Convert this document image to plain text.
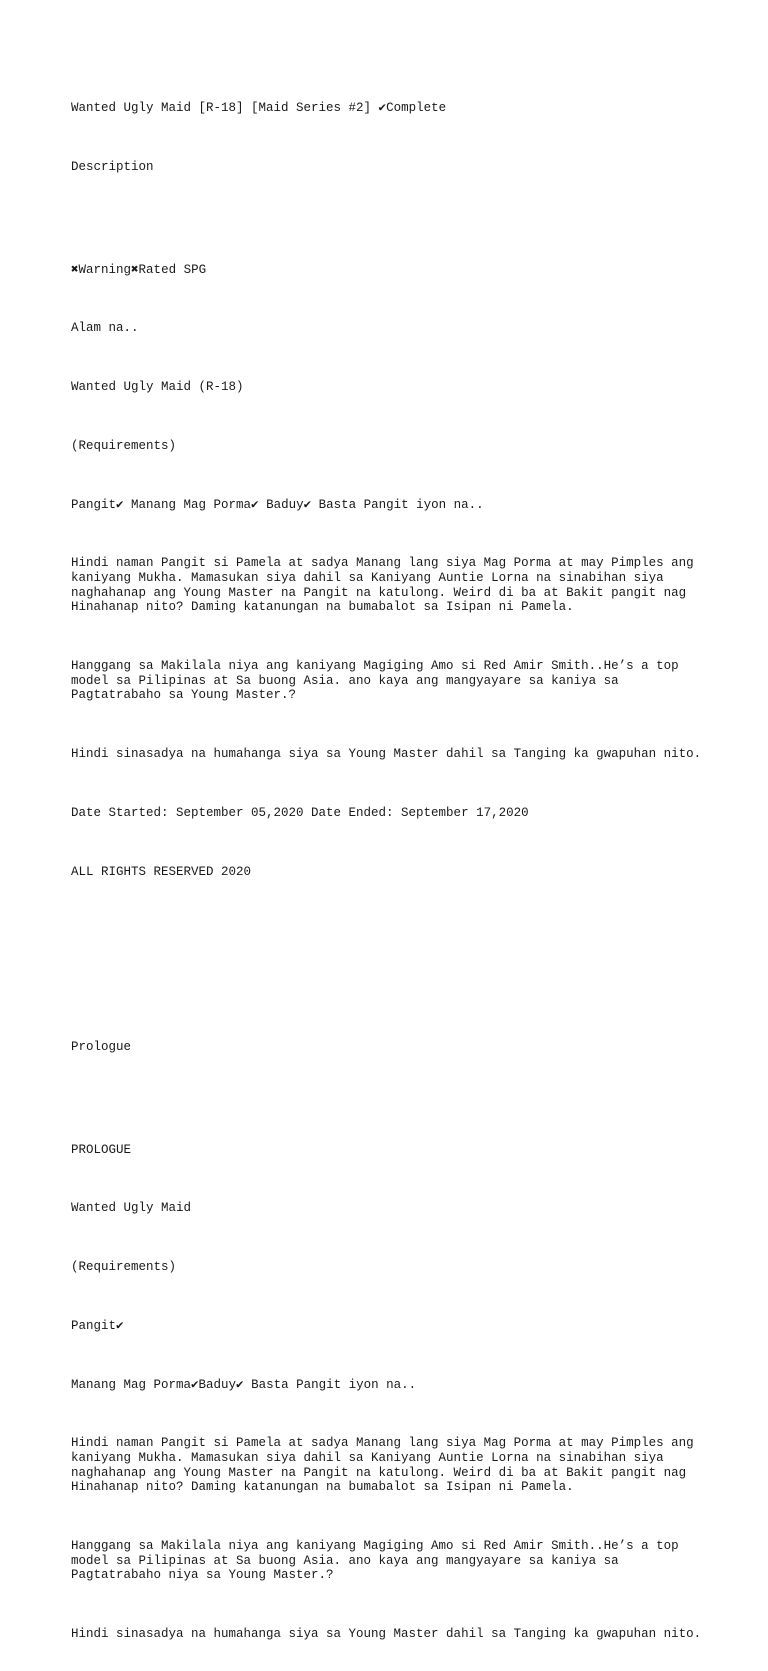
Wanted Ugly Maid [R-18] [Maid Series #2] ✔Complete

Description

✖Warning✖Rated SPG

Alam na..

Wanted Ugly Maid (R-18)

(Requirements)

Pangit✔ Manang Mag Porma✔ Baduy✔ Basta Pangit iyon na..

Hindi naman Pangit si Pamela at sadya Manang lang siya Mag Porma at may Pimples ang kaniyang Mukha. Mamasukan siya dahil sa Kaniyang Auntie Lorna na sinabihan siya naghahanap ang Young Master na Pangit na katulong. Weird di ba at Bakit pangit nag Hinahanap nito? Daming katanungan na bumabalot sa Isipan ni Pamela.

Hanggang sa Makilala niya ang kaniyang Magiging Amo si Red Amir Smith..He’s a top model sa Pilipinas at Sa buong Asia. ano kaya ang mangyayare sa kaniya sa Pagtatrabaho sa Young Master.?

Hindi sinasadya na humahanga siya sa Young Master dahil sa Tanging ka gwapuhan nito.

Date Started: September 05,2020 Date Ended: September 17,2020

ALL RIGHTS RESERVED 2020

Prologue

PROLOGUE

Wanted Ugly Maid

(Requirements)

Pangit✔

Manang Mag Porma✔Baduy✔ Basta Pangit iyon na..

Hindi naman Pangit si Pamela at sadya Manang lang siya Mag Porma at may Pimples ang kaniyang Mukha. Mamasukan siya dahil sa Kaniyang Auntie Lorna na sinabihan siya naghahanap ang Young Master na Pangit na katulong. Weird di ba at Bakit pangit nag Hinahanap nito? Daming katanungan na bumabalot sa Isipan ni Pamela.

Hanggang sa Makilala niya ang kaniyang Magiging Amo si Red Amir Smith..He’s a top model sa Pilipinas at Sa buong Asia. ano kaya ang mangyayare sa kaniya sa Pagtatrabaho niya sa Young Master.?

Hindi sinasadya na humahanga siya sa Young Master dahil sa Tanging ka gwapuhan nito.
